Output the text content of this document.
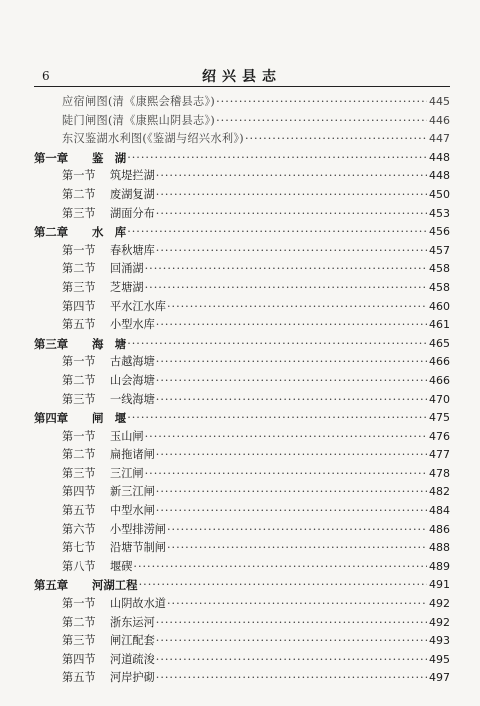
6	绍兴县志
应宿闸图(清《康熙会稽县志》) ·····	445
陡门闸图(清《康熙山阴县志》) ·····	446
东汉鉴湖水利图(《鉴湖与绍兴水利》) ·····	447
第一章 鉴　湖 ·····	448
第一节 筑堤拦湖 ·····	448
第二节 废湖复湖 ·····	450
第三节 湖面分布 ·····	453
第二章 水　库 ·····	456
第一节 春秋塘库 ·····	457
第二节 回涌湖 ·····	458
第三节 芝塘湖 ·····	458
第四节 平水江水库 ·····	460
第五节 小型水库 ·····	461
第三章 海　塘 ·····	465
第一节 古越海塘 ·····	466
第二节 山会海塘 ·····	466
第三节 一线海塘 ·····	470
第四章 闸　堰 ·····	475
第一节 玉山闸 ·····	476
第二节 扁拖诸闸 ·····	477
第三节 三江闸 ·····	478
第四节 新三江闸 ·····	482
第五节 中型水闸 ·····	484
第六节 小型排涝闸 ·····	486
第七节 沿塘节制闸 ·····	488
第八节 堰碶 ·····	489
第五章 河湖工程 ·····	491
第一节 山阴故水道 ·····	492
第二节 浙东运河 ·····	492
第三节 闸江配套 ·····	493
第四节 河道疏浚 ·····	495
第五节 河岸护砌 ·····	497
